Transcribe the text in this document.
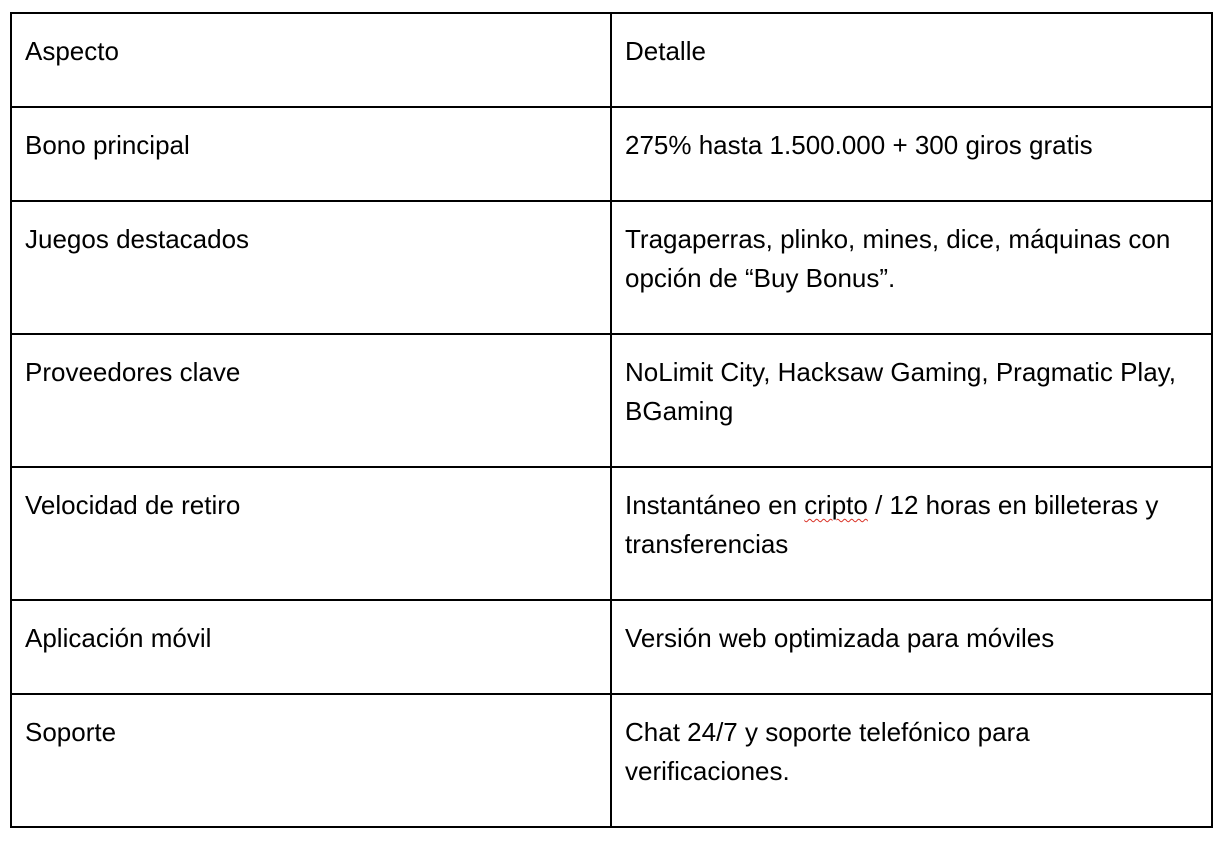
Aspecto	Detalle

Bono principal	275% hasta 1.500.000 + 300 giros gratis

Juegos destacados	Tragaperras, plinko, mines, dice, máquinas con opción de “Buy Bonus”.

Proveedores clave	NoLimit City, Hacksaw Gaming, Pragmatic Play, BGaming

Velocidad de retiro	Instantáneo en cripto / 12 horas en billeteras y transferencias

Aplicación móvil	Versión web optimizada para móviles

Soporte	Chat 24/7 y soporte telefónico para verificaciones.
